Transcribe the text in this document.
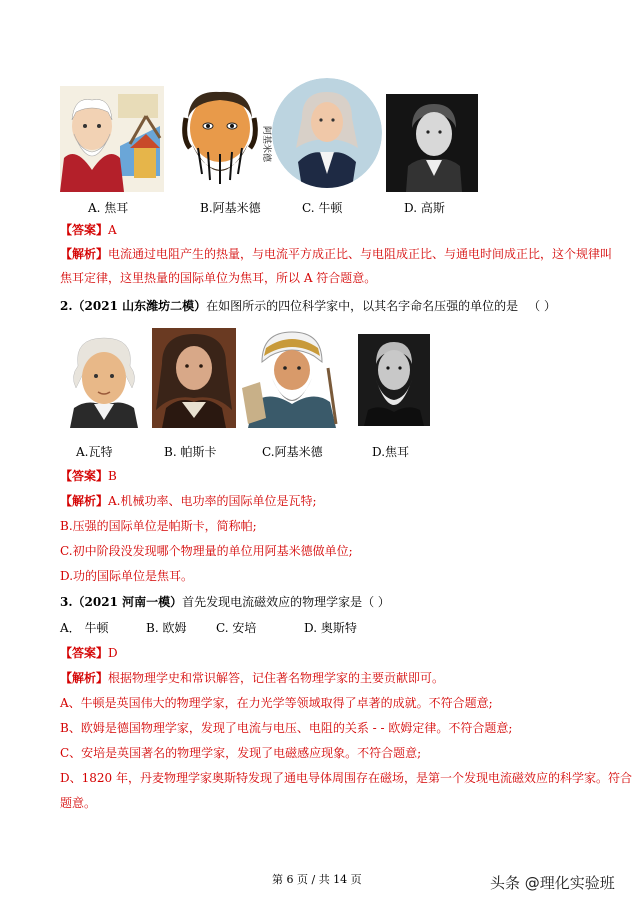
阿基米德
A. 焦耳	B.阿基米德	C. 牛顿	D. 高斯
【答案】A
【解析】电流通过电阻产生的热量，与电流平方成正比、与电阻成正比、与通电时间成正比，这个规律叫
焦耳定律，这里热量的国际单位为焦耳，所以 A 符合题意。
2.（2021 山东潍坊二模）在如图所示的四位科学家中，以其名字命名压强的单位的是 （ ）
A.瓦特	B. 帕斯卡	C.阿基米德	D.焦耳
【答案】B
【解析】A.机械功率、电功率的国际单位是瓦特;
B.压强的国际单位是帕斯卡，简称帕;
C.初中阶段没发现哪个物理量的单位用阿基米德做单位;
D.功的国际单位是焦耳。
3.（2021 河南一模）首先发现电流磁效应的物理学家是（ ）
A． 牛顿	B. 欧姆 C. 安培	D. 奥斯特
【答案】D
【解析】根据物理学史和常识解答，记住著名物理学家的主要贡献即可。
A、牛顿是英国伟大的物理学家，在力光学等领域取得了卓著的成就。不符合题意;
B、欧姆是德国物理学家，发现了电流与电压、电阻的关系 - - 欧姆定律。不符合题意;
C、安培是英国著名的物理学家，发现了电磁感应现象。不符合题意;
D、1820 年，丹麦物理学家奥斯特发现了通电导体周围存在磁场，是第一个发现电流磁效应的科学家。符合
题意。
第 6 页 / 共 14 页	头条 @理化实验班
